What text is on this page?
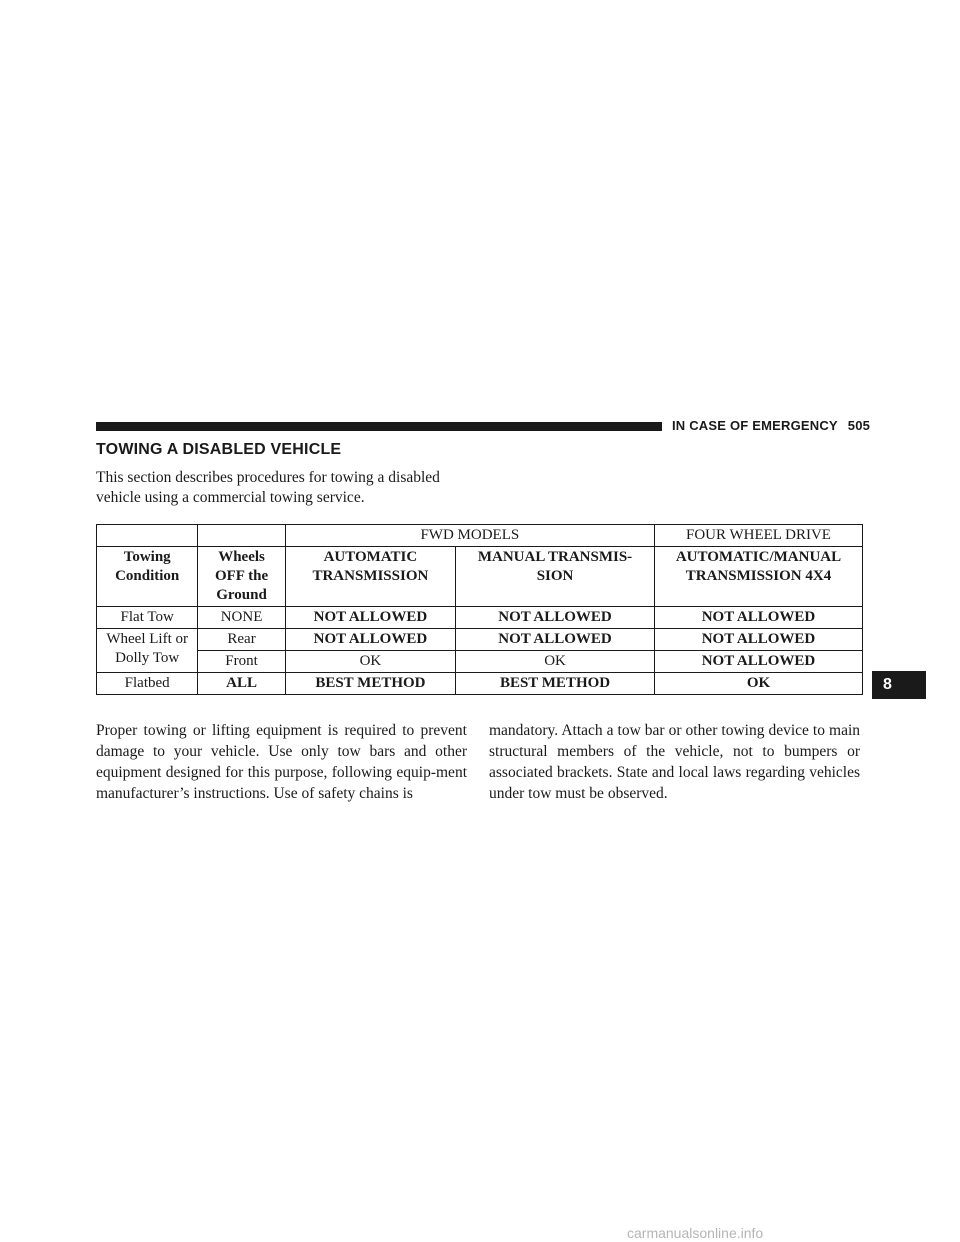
IN CASE OF EMERGENCY 505
TOWING A DISABLED VEHICLE
This section describes procedures for towing a disabled vehicle using a commercial towing service.
		FWD MODELS		FOUR WHEEL DRIVE
Towing Condition	Wheels OFF the Ground	AUTOMATIC TRANSMISSION	MANUAL TRANSMIS-SION	AUTOMATIC/MANUAL TRANSMISSION 4X4
Flat Tow	NONE	NOT ALLOWED	NOT ALLOWED	NOT ALLOWED
Wheel Lift or Dolly Tow	Rear	NOT ALLOWED	NOT ALLOWED	NOT ALLOWED
	Front	OK	OK	NOT ALLOWED
Flatbed	ALL	BEST METHOD	BEST METHOD	OK
Proper towing or lifting equipment is required to prevent damage to your vehicle. Use only tow bars and other equipment designed for this purpose, following equip-ment manufacturer’s instructions. Use of safety chains is
mandatory. Attach a tow bar or other towing device to main structural members of the vehicle, not to bumpers or associated brackets. State and local laws regarding vehicles under tow must be observed.
8
carmanualsonline.info
